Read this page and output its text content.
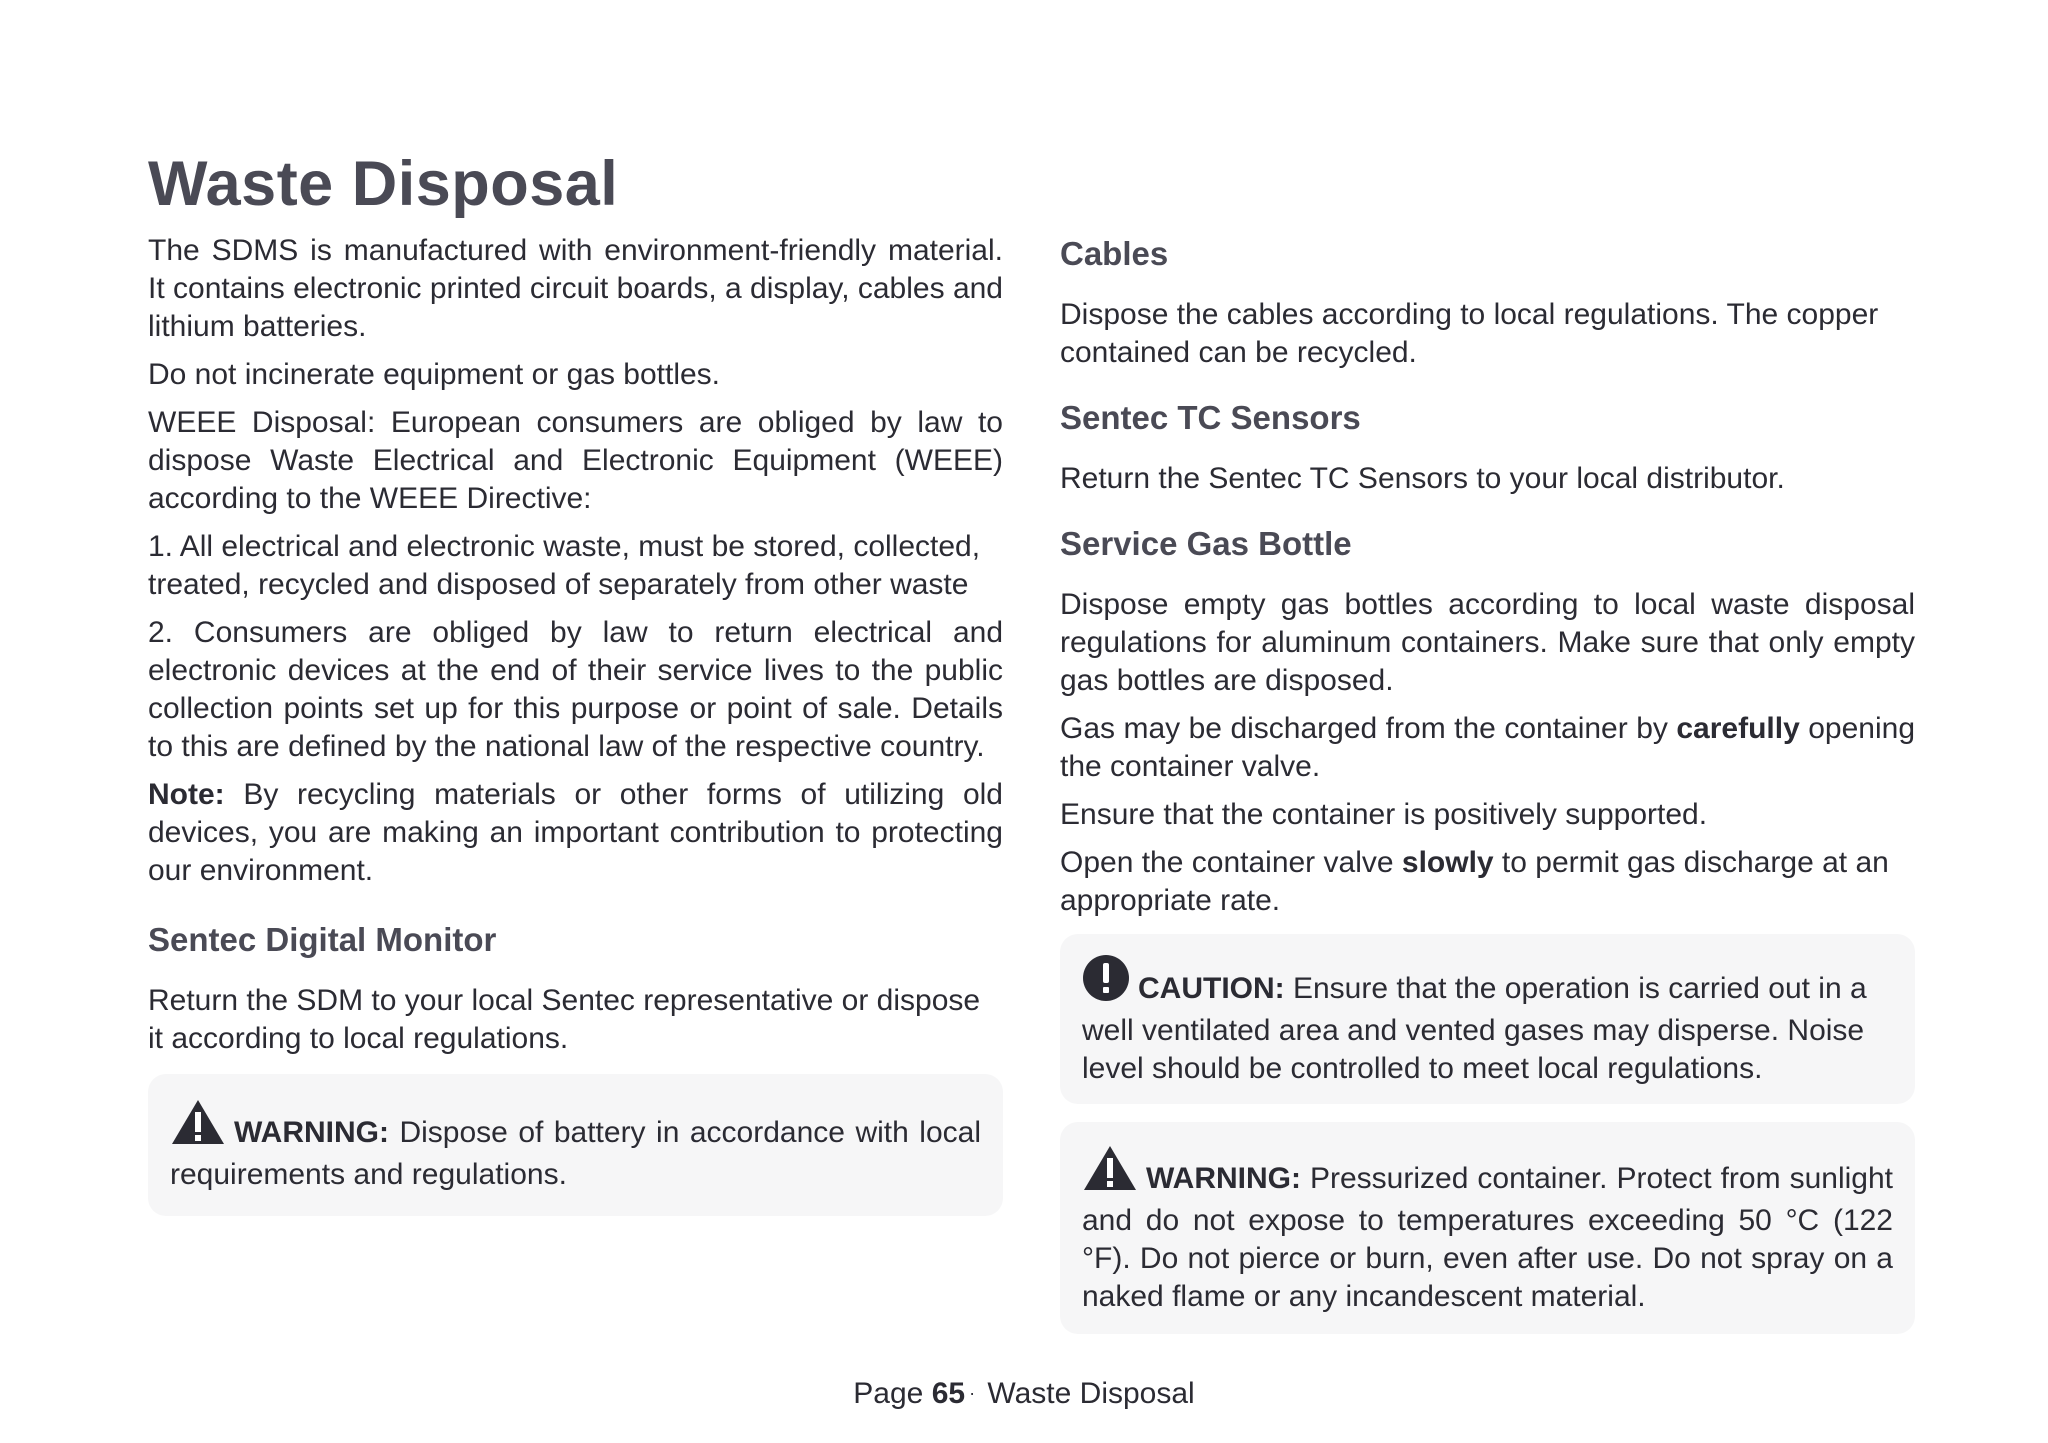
Waste Disposal

The SDMS is manufactured with environment-friendly material. It contains electronic printed circuit boards, a display, cables and lithium batteries.

Do not incinerate equipment or gas bottles.

WEEE Disposal: European consumers are obliged by law to dispose Waste Electrical and Electronic Equipment (WEEE) according to the WEEE Directive:

1. All electrical and electronic waste, must be stored, collected, treated, recycled and disposed of separately from other waste

2. Consumers are obliged by law to return electrical and electronic devices at the end of their service lives to the public collection points set up for this purpose or point of sale. Details to this are defined by the national law of the respective country.

Note: By recycling materials or other forms of utilizing old devices, you are making an important contribution to protecting our environment.

Sentec Digital Monitor

Return the SDM to your local Sentec representative or dispose it according to local regulations.

WARNING: Dispose of battery in accordance with local requirements and regulations.

Cables

Dispose the cables according to local regulations. The copper contained can be recycled.

Sentec TC Sensors

Return the Sentec TC Sensors to your local distributor.

Service Gas Bottle

Dispose empty gas bottles according to local waste disposal regulations for aluminum containers. Make sure that only empty gas bottles are disposed.

Gas may be discharged from the container by carefully opening the container valve.

Ensure that the container is positively supported.

Open the container valve slowly to permit gas discharge at an appropriate rate.

CAUTION: Ensure that the operation is carried out in a well ventilated area and vented gases may disperse. Noise level should be controlled to meet local regulations.

WARNING: Pressurized container. Protect from sunlight and do not expose to temperatures exceeding 50 °C (122 °F). Do not pierce or burn, even after use. Do not spray on a naked flame or any incandescent material.

Page 65 · Waste Disposal
